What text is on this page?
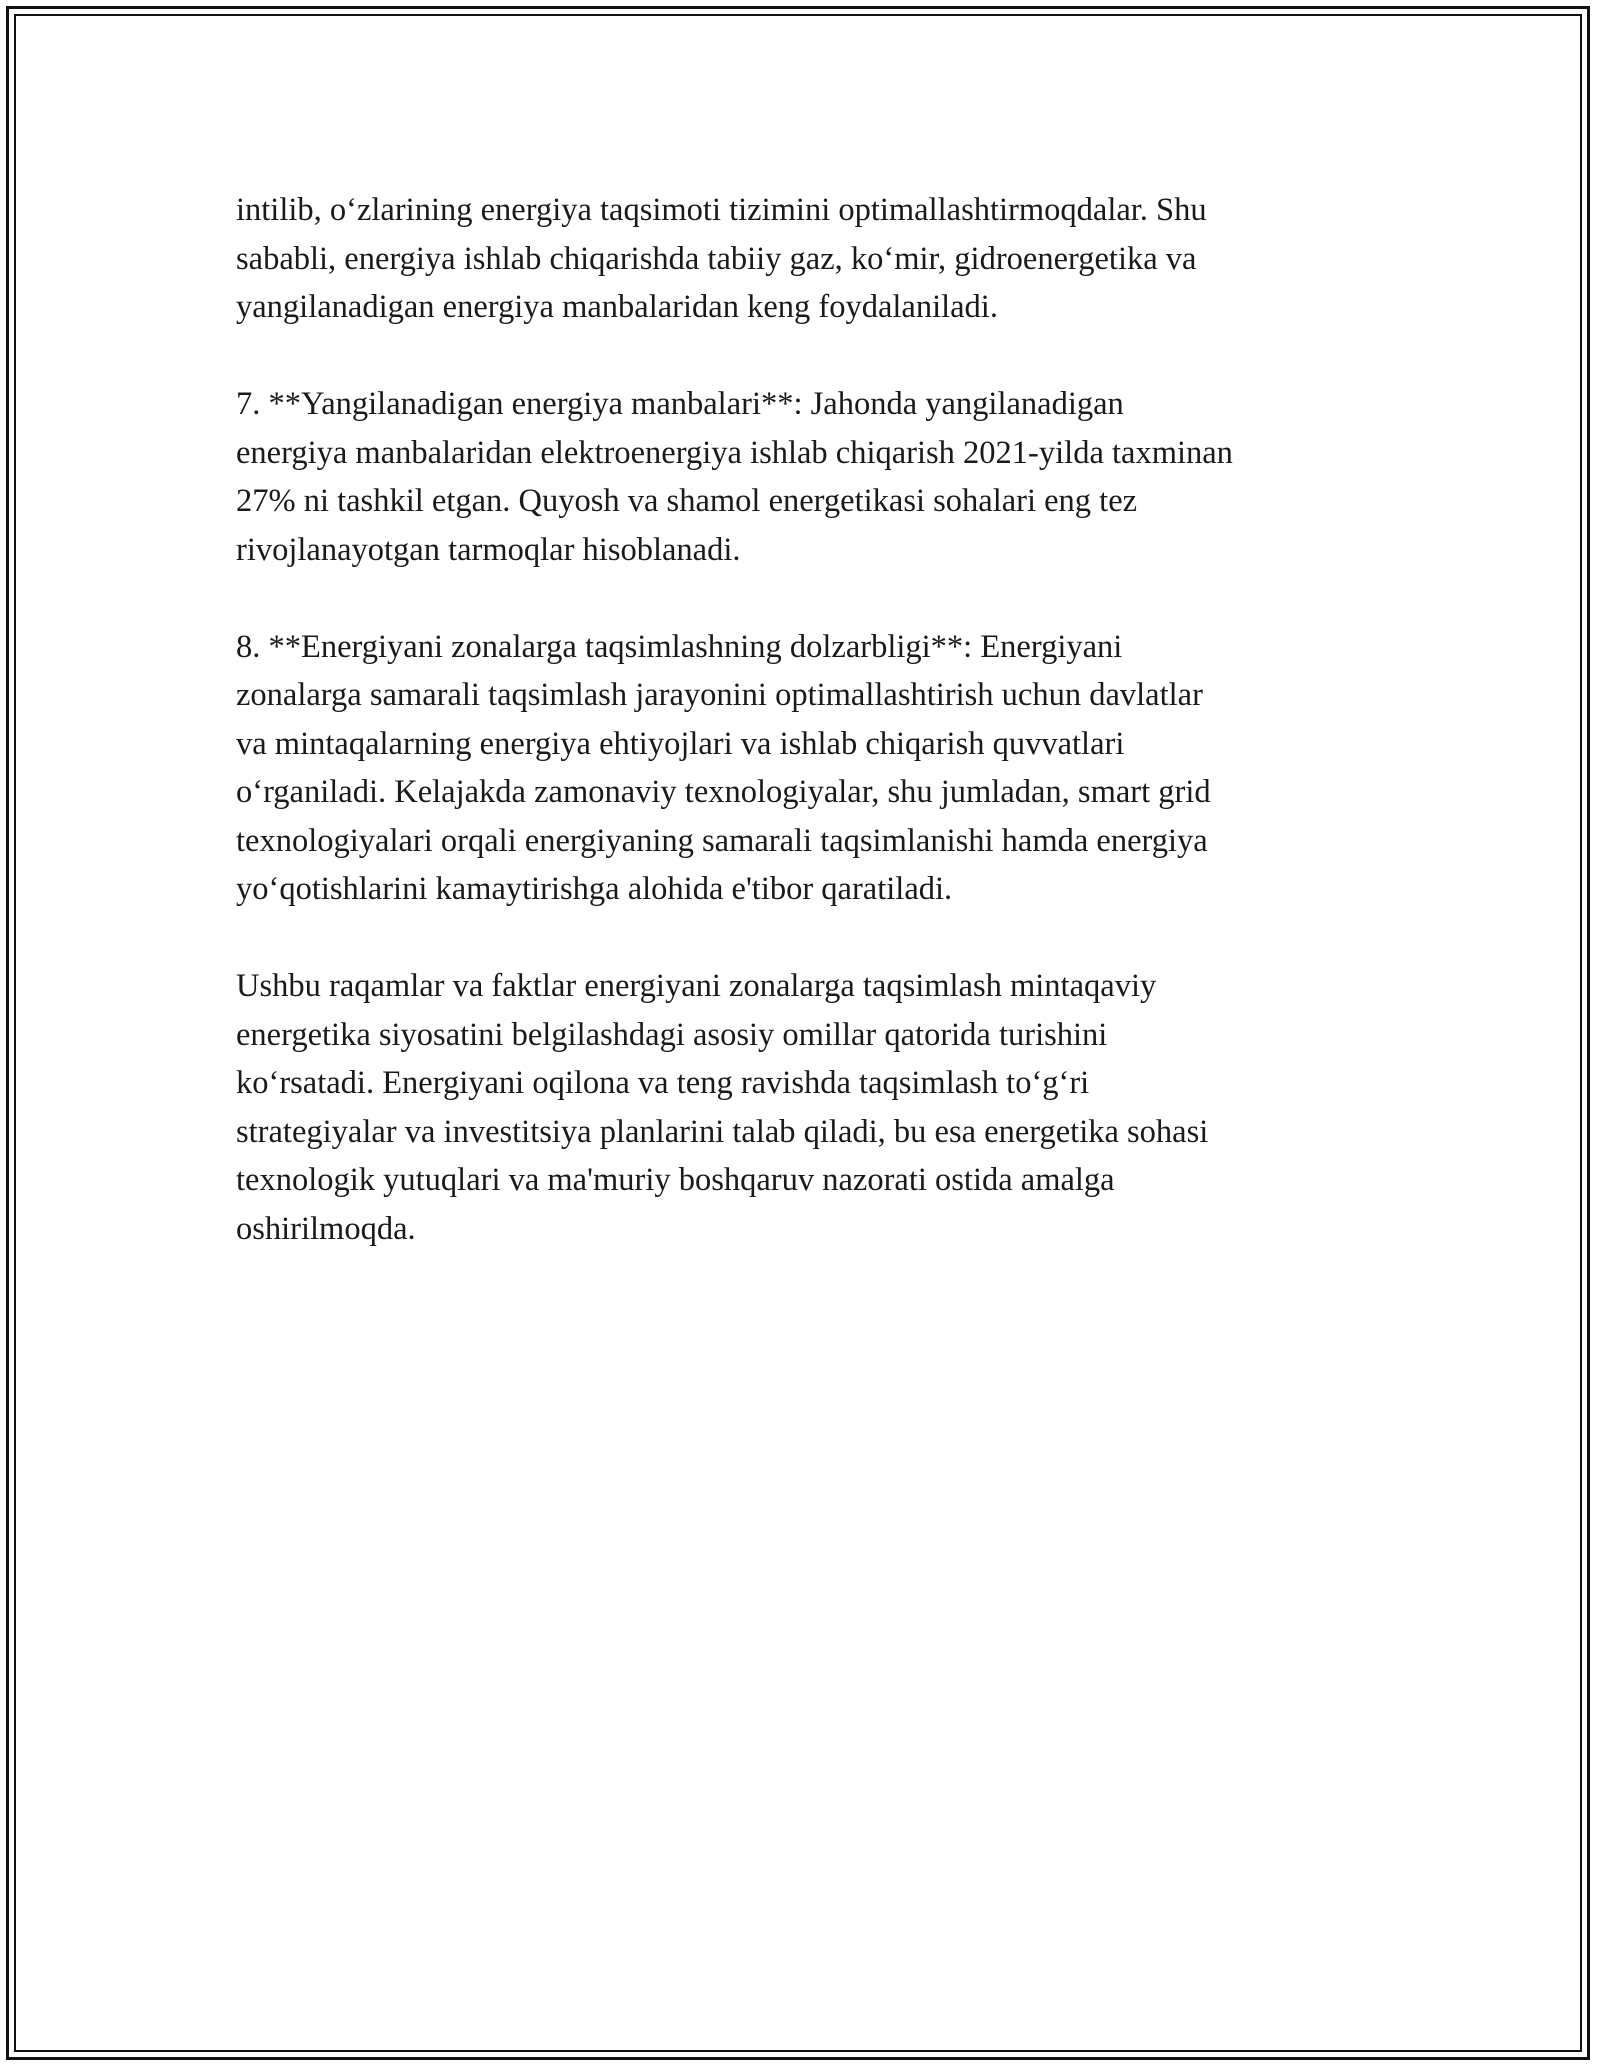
intilib, o‘zlarining energiya taqsimoti tizimini optimallashtirmoqdalar. Shu
sababli, energiya ishlab chiqarishda tabiiy gaz, ko‘mir, gidroenergetika va
yangilanadigan energiya manbalaridan keng foydalaniladi.

7. **Yangilanadigan energiya manbalari**: Jahonda yangilanadigan
energiya manbalaridan elektroenergiya ishlab chiqarish 2021-yilda taxminan
27% ni tashkil etgan. Quyosh va shamol energetikasi sohalari eng tez
rivojlanayotgan tarmoqlar hisoblanadi.

8. **Energiyani zonalarga taqsimlashning dolzarbligi**: Energiyani
zonalarga samarali taqsimlash jarayonini optimallashtirish uchun davlatlar
va mintaqalarning energiya ehtiyojlari va ishlab chiqarish quvvatlari
o‘rganiladi. Kelajakda zamonaviy texnologiyalar, shu jumladan, smart grid
texnologiyalari orqali energiyaning samarali taqsimlanishi hamda energiya
yo‘qotishlarini kamaytirishga alohida e'tibor qaratiladi.

Ushbu raqamlar va faktlar energiyani zonalarga taqsimlash mintaqaviy
energetika siyosatini belgilashdagi asosiy omillar qatorida turishini
ko‘rsatadi. Energiyani oqilona va teng ravishda taqsimlash to‘g‘ri
strategiyalar va investitsiya planlarini talab qiladi, bu esa energetika sohasi
texnologik yutuqlari va ma'muriy boshqaruv nazorati ostida amalga
oshirilmoqda.
